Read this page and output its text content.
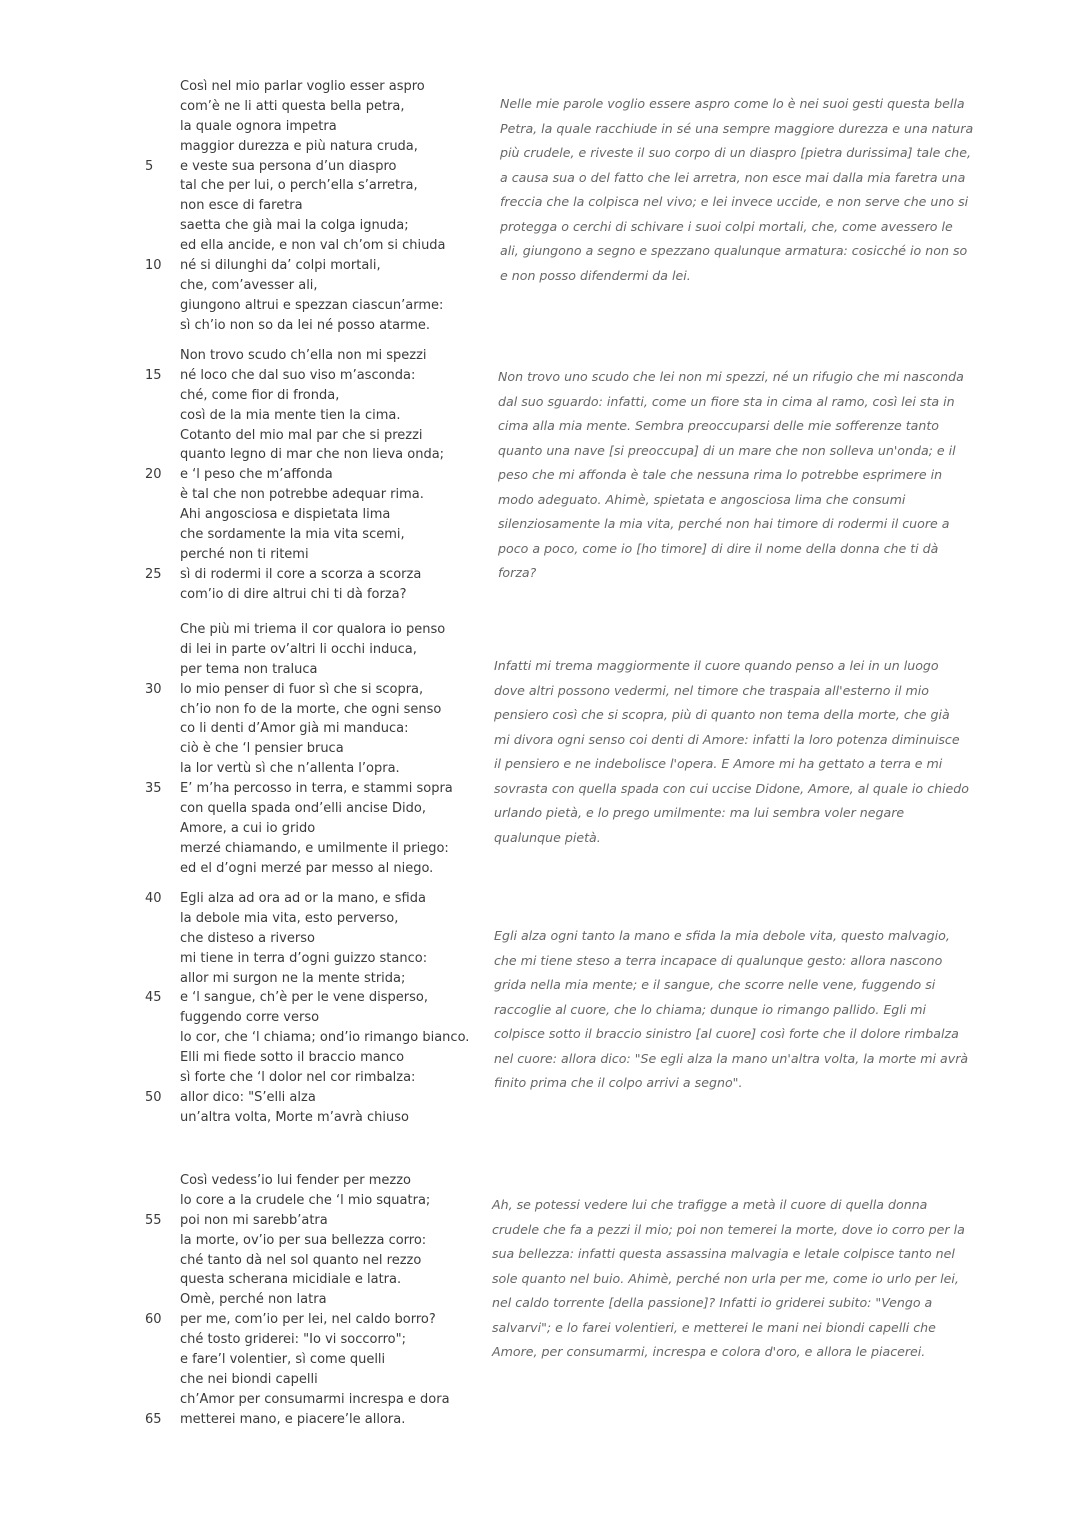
Così nel mio parlar voglio esser aspro
com’è ne li atti questa bella petra,
la quale ognora impetra
maggior durezza e più natura cruda,
5	e veste sua persona d’un diaspro
tal che per lui, o perch’ella s’arretra,
non esce di faretra
saetta che già mai la colga ignuda;
ed ella ancide, e non val ch’om si chiuda
10	né si dilunghi da’ colpi mortali,
che, com’avesser ali,
giungono altrui e spezzan ciascun’arme:
sì ch’io non so da lei né posso atarme.

Nelle mie parole voglio essere aspro come lo è nei suoi gesti questa bella Petra, la quale racchiude in sé una sempre maggiore durezza e una natura più crudele, e riveste il suo corpo di un diaspro [pietra durissima] tale che, a causa sua o del fatto che lei arretra, non esce mai dalla mia faretra una freccia che la colpisca nel vivo; e lei invece uccide, e non serve che uno si protegga o cerchi di schivare i suoi colpi mortali, che, come avessero le ali, giungono a segno e spezzano qualunque armatura: cosicché io non so e non posso difendermi da lei.

Non trovo scudo ch’ella non mi spezzi
15	né loco che dal suo viso m’asconda:
ché, come fior di fronda,
così de la mia mente tien la cima.
Cotanto del mio mal par che si prezzi
quanto legno di mar che non lieva onda;
20	e ‘l peso che m’affonda
è tal che non potrebbe adequar rima.
Ahi angosciosa e dispietata lima
che sordamente la mia vita scemi,
perché non ti ritemi
25	sì di rodermi il core a scorza a scorza
com’io di dire altrui chi ti dà forza?

Non trovo uno scudo che lei non mi spezzi, né un rifugio che mi nasconda dal suo sguardo: infatti, come un fiore sta in cima al ramo, così lei sta in cima alla mia mente. Sembra preoccuparsi delle mie sofferenze tanto quanto una nave [si preoccupa] di un mare che non solleva un'onda; e il peso che mi affonda è tale che nessuna rima lo potrebbe esprimere in modo adeguato. Ahimè, spietata e angosciosa lima che consumi silenziosamente la mia vita, perché non hai timore di rodermi il cuore a poco a poco, come io [ho timore] di dire il nome della donna che ti dà forza?

Che più mi triema il cor qualora io penso
di lei in parte ov’altri li occhi induca,
per tema non traluca
30	lo mio penser di fuor sì che si scopra,
ch’io non fo de la morte, che ogni senso
co li denti d’Amor già mi manduca:
ciò è che ‘l pensier bruca
la lor vertù sì che n’allenta l’opra.
35	E’ m’ha percosso in terra, e stammi sopra
con quella spada ond’elli ancise Dido,
Amore, a cui io grido
merzé chiamando, e umilmente il priego:
ed el d’ogni merzé par messo al niego.

Infatti mi trema maggiormente il cuore quando penso a lei in un luogo dove altri possono vedermi, nel timore che traspaia all'esterno il mio pensiero così che si scopra, più di quanto non tema della morte, che già mi divora ogni senso coi denti di Amore: infatti la loro potenza diminuisce il pensiero e ne indebolisce l'opera. E Amore mi ha gettato a terra e mi sovrasta con quella spada con cui uccise Didone, Amore, al quale io chiedo urlando pietà, e lo prego umilmente: ma lui sembra voler negare qualunque pietà.

40	Egli alza ad ora ad or la mano, e sfida
la debole mia vita, esto perverso,
che disteso a riverso
mi tiene in terra d’ogni guizzo stanco:
allor mi surgon ne la mente strida;
45	e ‘l sangue, ch’è per le vene disperso,
fuggendo corre verso
lo cor, che ‘l chiama; ond’io rimango bianco.
Elli mi fiede sotto il braccio manco
sì forte che ‘l dolor nel cor rimbalza:
50	allor dico: "S’elli alza
un’altra volta, Morte m’avrà chiuso

Egli alza ogni tanto la mano e sfida la mia debole vita, questo malvagio, che mi tiene steso a terra incapace di qualunque gesto: allora nascono grida nella mia mente; e il sangue, che scorre nelle vene, fuggendo si raccoglie al cuore, che lo chiama; dunque io rimango pallido. Egli mi colpisce sotto il braccio sinistro [al cuore] così forte che il dolore rimbalza nel cuore: allora dico: "Se egli alza la mano un'altra volta, la morte mi avrà finito prima che il colpo arrivi a segno".

Così vedess’io lui fender per mezzo
lo core a la crudele che ‘l mio squatra;
55	poi non mi sarebb’atra
la morte, ov’io per sua bellezza corro:
ché tanto dà nel sol quanto nel rezzo
questa scherana micidiale e latra.
Omè, perché non latra
60	per me, com’io per lei, nel caldo borro?
ché tosto griderei: "Io vi soccorro";
e fare’l volentier, sì come quelli
che nei biondi capelli
ch’Amor per consumarmi increspa e dora
65	metterei mano, e piacere’le allora.

Ah, se potessi vedere lui che trafigge a metà il cuore di quella donna crudele che fa a pezzi il mio; poi non temerei la morte, dove io corro per la sua bellezza: infatti questa assassina malvagia e letale colpisce tanto nel sole quanto nel buio. Ahimè, perché non urla per me, come io urlo per lei, nel caldo torrente [della passione]? Infatti io griderei subito: "Vengo a salvarvi"; e lo farei volentieri, e metterei le mani nei biondi capelli che Amore, per consumarmi, increspa e colora d'oro, e allora le piacerei.
